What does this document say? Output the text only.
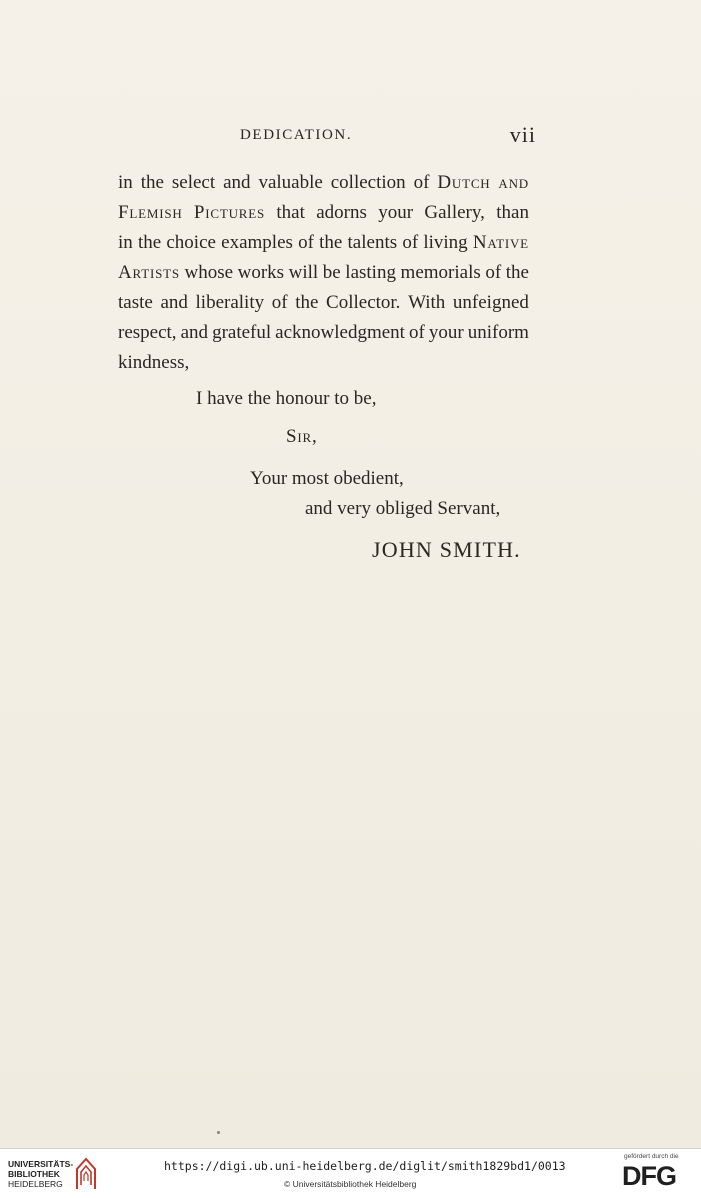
DEDICATION.	vii
in the select and valuable collection of Dutch and
Flemish Pictures that adorns your Gallery, than
in the choice examples of the talents of living Native
Artists whose works will be lasting memorials of the
taste and liberality of the Collector. With unfeigned
respect, and grateful acknowledgment of your uniform
kindness,
I have the honour to be,
Sir,
Your most obedient,
and very obliged Servant,
JOHN SMITH.
UNIVERSITÄTS-
BIBLIOTHEK
HEIDELBERG
https://digi.ub.uni-heidelberg.de/diglit/smith1829bd1/0013
© Universitätsbibliothek Heidelberg
gefördert durch die
DFG
